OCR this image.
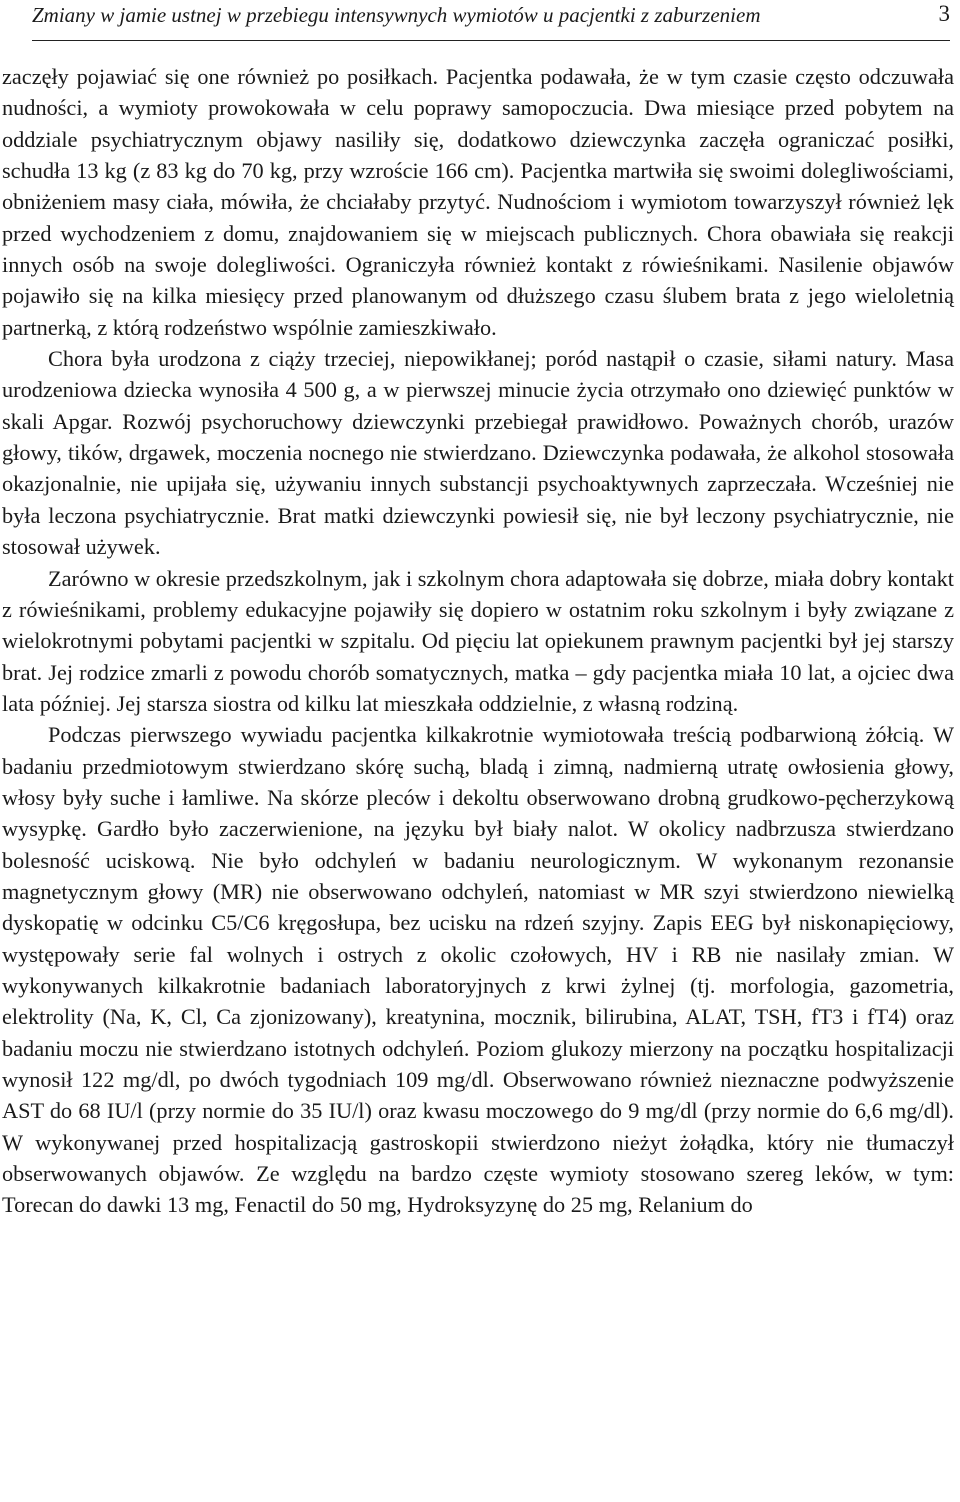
Zmiany w jamie ustnej w przebiegu intensywnych wymiotów u pacjentki z zaburzeniem	3

zaczęły pojawiać się one również po posiłkach. Pacjentka podawała, że w tym czasie często odczuwała nudności, a wymioty prowokowała w celu poprawy samopoczucia. Dwa miesiące przed pobytem na oddziale psychiatrycznym objawy nasiliły się, dodatkowo dziewczynka zaczęła ograniczać posiłki, schudła 13 kg (z 83 kg do 70 kg, przy wzroście 166 cm). Pacjentka martwiła się swoimi dolegliwościami, obniżeniem masy ciała, mówiła, że chciałaby przytyć. Nudnościom i wymiotom towarzyszył również lęk przed wychodzeniem z domu, znajdowaniem się w miejscach publicznych. Chora obawiała się reakcji innych osób na swoje dolegliwości. Ograniczyła również kontakt z rówieśnikami. Nasilenie objawów pojawiło się na kilka miesięcy przed planowanym od dłuższego czasu ślubem brata z jego wieloletnią partnerką, z którą rodzeństwo wspólnie zamieszkiwało.

Chora była urodzona z ciąży trzeciej, niepowikłanej; poród nastąpił o czasie, siłami natury. Masa urodzeniowa dziecka wynosiła 4 500 g, a w pierwszej minucie życia otrzymało ono dziewięć punktów w skali Apgar. Rozwój psychoruchowy dziewczynki przebiegał prawidłowo. Poważnych chorób, urazów głowy, tików, drgawek, moczenia nocnego nie stwierdzano. Dziewczynka podawała, że alkohol stosowała okazjonalnie, nie upijała się, używaniu innych substancji psychoaktywnych zaprzeczała. Wcześniej nie była leczona psychiatrycznie. Brat matki dziewczynki powiesił się, nie był leczony psychiatrycznie, nie stosował używek.

Zarówno w okresie przedszkolnym, jak i szkolnym chora adaptowała się dobrze, miała dobry kontakt z rówieśnikami, problemy edukacyjne pojawiły się dopiero w ostatnim roku szkolnym i były związane z wielokrotnymi pobytami pacjentki w szpitalu. Od pięciu lat opiekunem prawnym pacjentki był jej starszy brat. Jej rodzice zmarli z powodu chorób somatycznych, matka – gdy pacjentka miała 10 lat, a ojciec dwa lata później. Jej starsza siostra od kilku lat mieszkała oddzielnie, z własną rodziną.

Podczas pierwszego wywiadu pacjentka kilkakrotnie wymiotowała treścią podbarwioną żółcią. W badaniu przedmiotowym stwierdzano skórę suchą, bladą i zimną, nadmierną utratę owłosienia głowy, włosy były suche i łamliwe. Na skórze pleców i dekoltu obserwowano drobną grudkowo-pęcherzykową wysypkę. Gardło było zaczerwienione, na języku był biały nalot. W okolicy nadbrzusza stwierdzano bolesność uciskową. Nie było odchyleń w badaniu neurologicznym. W wykonanym rezonansie magnetycznym głowy (MR) nie obserwowano odchyleń, natomiast w MR szyi stwierdzono niewielką dyskopatię w odcinku C5/C6 kręgosłupa, bez ucisku na rdzeń szyjny. Zapis EEG był niskonapięciowy, występowały serie fal wolnych i ostrych z okolic czołowych, HV i RB nie nasilały zmian. W wykonywanych kilkakrotnie badaniach laboratoryjnych z krwi żylnej (tj. morfologia, gazometria, elektrolity (Na, K, Cl, Ca zjonizowany), kreatynina, mocznik, bilirubina, ALAT, TSH, fT3 i fT4) oraz badaniu moczu nie stwierdzano istotnych odchyleń. Poziom glukozy mierzony na początku hospitalizacji wynosił 122 mg/dl, po dwóch tygodniach 109 mg/dl. Obserwowano również nieznaczne podwyższenie AST do 68 IU/l (przy normie do 35 IU/l) oraz kwasu moczowego do 9 mg/dl (przy normie do 6,6 mg/dl). W wykonywanej przed hospitalizacją gastroskopii stwierdzono nieżyt żołądka, który nie tłumaczył obserwowanych objawów. Ze względu na bardzo częste wymioty stosowano szereg leków, w tym: Torecan do dawki 13 mg, Fenactil do 50 mg, Hydroksyzynę do 25 mg, Relanium do
